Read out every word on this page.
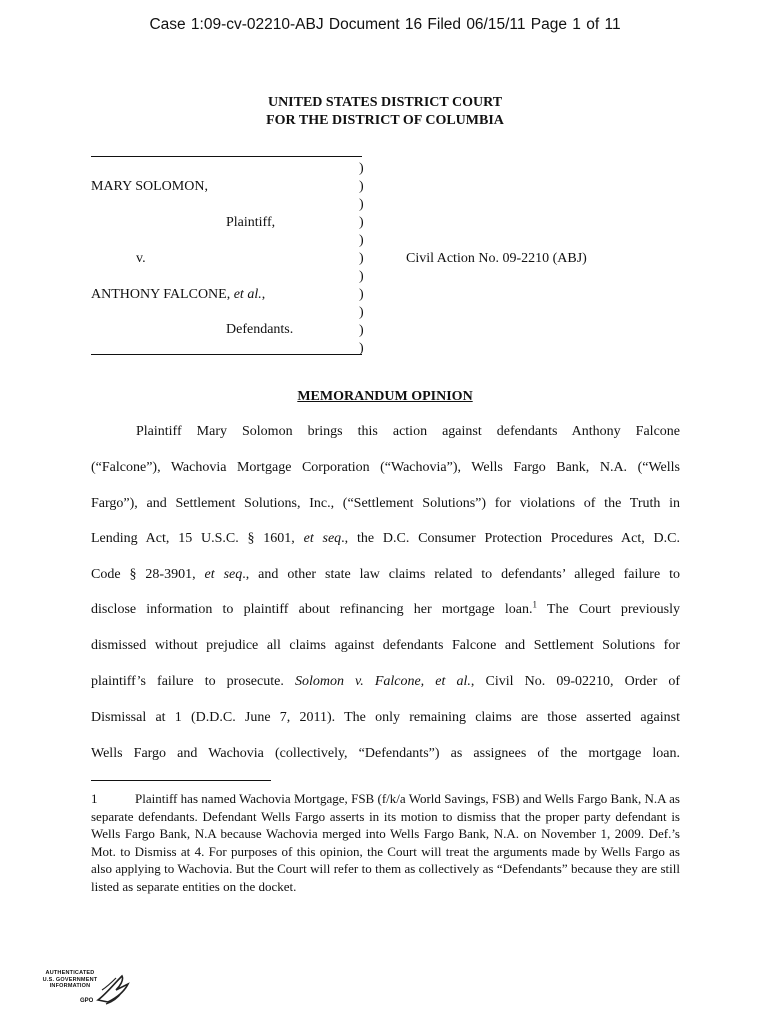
Case 1:09-cv-02210-ABJ Document 16 Filed 06/15/11 Page 1 of 11
UNITED STATES DISTRICT COURT
FOR THE DISTRICT OF COLUMBIA
)
)
)
)
)
)
)
)
)
)
)
MARY SOLOMON,
Plaintiff,
v.	Civil Action No. 09-2210 (ABJ)
ANTHONY FALCONE, et al.,
Defendants.
MEMORANDUM OPINION
Plaintiff Mary Solomon brings this action against defendants Anthony Falcone
(“Falcone”), Wachovia Mortgage Corporation (“Wachovia”), Wells Fargo Bank, N.A. (“Wells
Fargo”), and Settlement Solutions, Inc., (“Settlement Solutions”) for violations of the Truth in
Lending Act, 15 U.S.C. § 1601, et seq., the D.C. Consumer Protection Procedures Act, D.C.
Code § 28-3901, et seq., and other state law claims related to defendants’ alleged failure to
disclose information to plaintiff about refinancing her mortgage loan.$^1$ The Court previously
dismissed without prejudice all claims against defendants Falcone and Settlement Solutions for
plaintiff’s failure to prosecute. Solomon v. Falcone, et al., Civil No. 09-02210, Order of
Dismissal at 1 (D.D.C. June 7, 2011). The only remaining claims are those asserted against
Wells Fargo and Wachovia (collectively, “Defendants”) as assignees of the mortgage loan.
1	Plaintiff has named Wachovia Mortgage, FSB (f/k/a World Savings, FSB) and Wells Fargo Bank, N.A as separate defendants. Defendant Wells Fargo asserts in its motion to dismiss that the proper party defendant is Wells Fargo Bank, N.A because Wachovia merged into Wells Fargo Bank, N.A. on November 1, 2009. Def.’s Mot. to Dismiss at 4. For purposes of this opinion, the Court will treat the arguments made by Wells Fargo as also applying to Wachovia. But the Court will refer to them as collectively as “Defendants” because they are still listed as separate entities on the docket.
AUTHENTICATED
U.S. GOVERNMENT
INFORMATION
GPO
